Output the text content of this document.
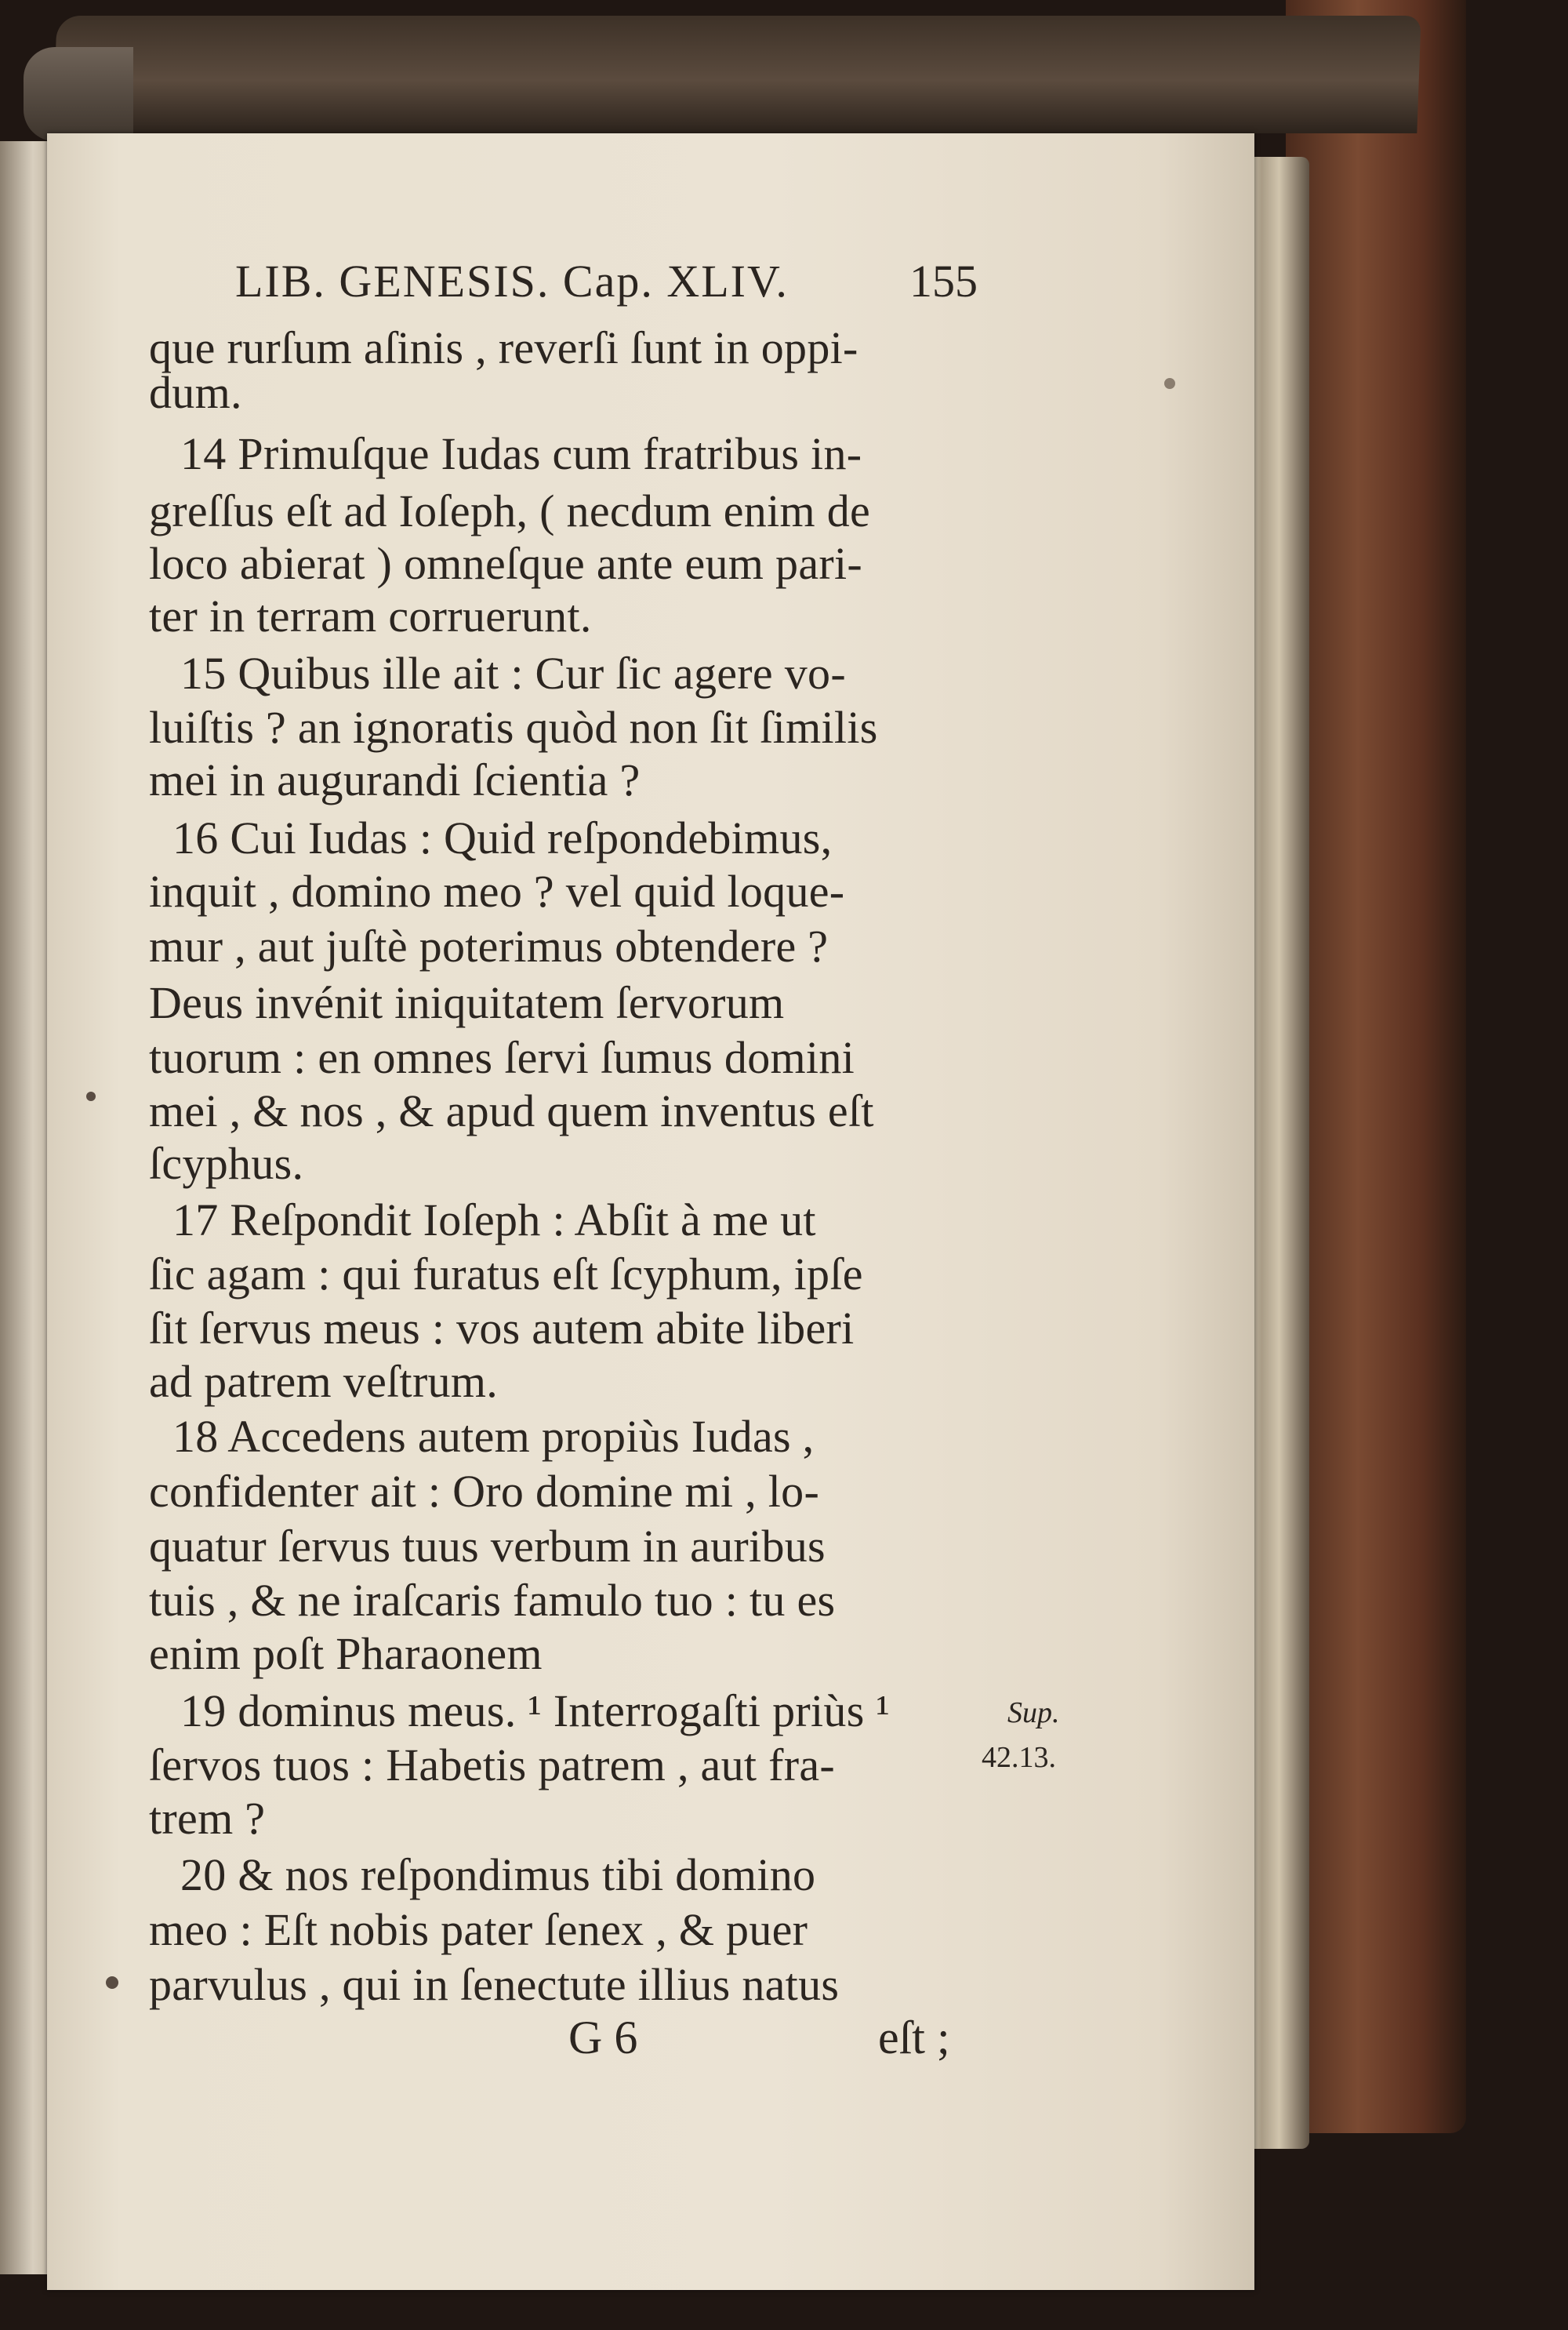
LIB. GENESIS. Cap. XLIV.	155
que rurſum aſinis , reverſi ſunt in oppi-
dum.
14 Primuſque Iudas cum fratribus in-
greſſus eſt ad Ioſeph, ( necdum enim de
loco abierat ) omneſque ante eum pari-
ter in terram corruerunt.
15 Quibus ille ait : Cur ſic agere vo-
luiſtis ? an ignoratis quòd non ſit ſimilis
mei in augurandi ſcientia ?
16 Cui Iudas : Quid reſpondebimus,
inquit , domino meo ? vel quid loque-
mur , aut juſtè poterimus obtendere ?
Deus invénit iniquitatem ſervorum
tuorum : en omnes ſervi ſumus domini
mei , & nos , & apud quem inventus eſt
ſcyphus.
17 Reſpondit Ioſeph : Abſit à me ut
ſic agam : qui furatus eſt ſcyphum, ipſe
ſit ſervus meus : vos autem abite liberi
ad patrem veſtrum.
18 Accedens autem propiùs Iudas ,
confidenter ait : Oro domine mi , lo-
quatur ſervus tuus verbum in auribus
tuis , & ne iraſcaris famulo tuo : tu es
enim poſt Pharaonem
19 dominus meus. ¹ Interrogaſti priùs ¹
ſervos tuos : Habetis patrem , aut fra-
trem ?
20 & nos reſpondimus tibi domino
meo : Eſt nobis pater ſenex , & puer
parvulus , qui in ſenectute illius natus
Sup.
42.13.
G 6	eſt ;
